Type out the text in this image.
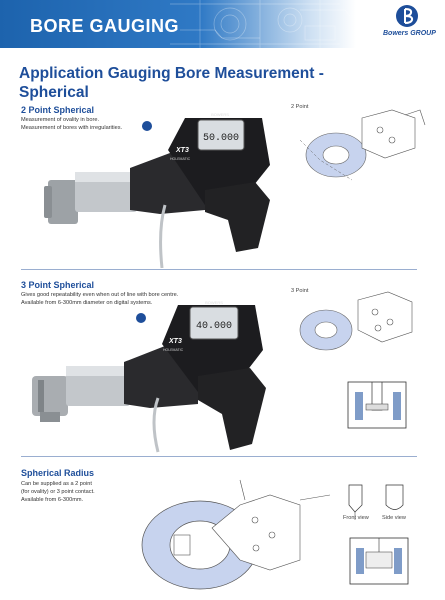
BORE GAUGING	Bowers GROUP
Application Gauging Bore Measurement - Spherical
2 Point Spherical
Measurement of ovality in bore.
Measurement of bores with irregularities.
2 Point
50.000
BOWERS
XT3
HOLEMATIC
3 Point Spherical
Gives good repeatability even when out of line with bore centre.
Available from 6-300mm diameter on digital systems.
3 Point
40.000
BOWERS
XT3
HOLEMATIC
Spherical Radius
Can be supplied as a 2 point
(for ovality) or 3 point contact.
Available from 6-300mm.
Front view Side view
